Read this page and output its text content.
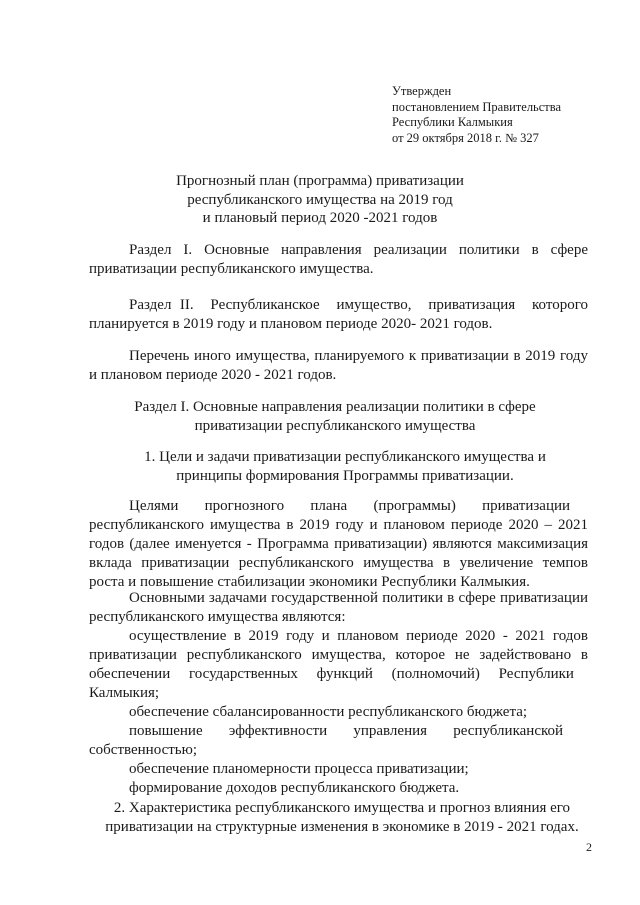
Утвержден
постановлением Правительства
Республики Калмыкия
от 29 октября 2018 г. № 327
Прогнозный план (программа) приватизации
республиканского имущества на 2019 год
и плановый период 2020 -2021 годов
Раздел I. Основные направления реализации политики в сфере
приватизации республиканского имущества.
Раздел II.  Республиканское  имущество,  приватизация  которого
планируется в 2019 году и плановом периоде 2020- 2021 годов.
Перечень иного имущества, планируемого к приватизации в 2019 году
и плановом периоде 2020 - 2021 годов.
Раздел I. Основные направления реализации политики в сфере
приватизации республиканского имущества
1. Цели и задачи приватизации республиканского имущества и
принципы формирования Программы приватизации.
Целями       прогнозного       плана       (программы)       приватизации
республиканского имущества в 2019 году и плановом периоде 2020 – 2021
годов (далее именуется - Программа приватизации) являются максимизация
вклада приватизации республиканского имущества в увеличение темпов
роста и повышение стабилизации экономики Республики Калмыкия.
Основными задачами государственной политики в сфере приватизации
республиканского имущества являются:
осуществление в 2019 году и плановом периоде 2020 - 2021 годов
приватизации республиканского имущества, которое не задействовано в
обеспечении     государственных     функций     (полномочий)     Республики
Калмыкия;
обеспечение сбалансированности республиканского бюджета;
повышение       эффективности       управления       республиканской
собственностью;
обеспечение планомерности процесса приватизации;
формирование доходов республиканского бюджета.
2. Характеристика республиканского имущества и прогноз влияния его
приватизации на структурные изменения в экономике в 2019 - 2021 годах.
2
